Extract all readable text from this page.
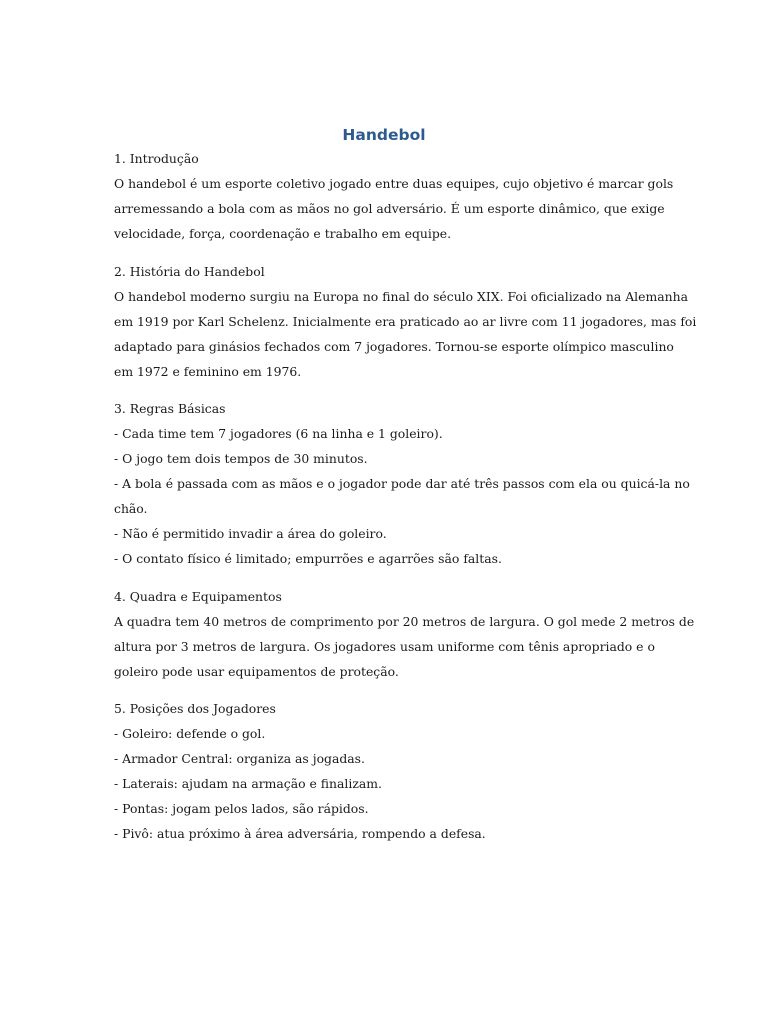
Handebol
1. Introdução
O handebol é um esporte coletivo jogado entre duas equipes, cujo objetivo é marcar gols
arremessando a bola com as mãos no gol adversário. É um esporte dinâmico, que exige
velocidade, força, coordenação e trabalho em equipe.
2. História do Handebol
O handebol moderno surgiu na Europa no final do século XIX. Foi oficializado na Alemanha
em 1919 por Karl Schelenz. Inicialmente era praticado ao ar livre com 11 jogadores, mas foi
adaptado para ginásios fechados com 7 jogadores. Tornou-se esporte olímpico masculino
em 1972 e feminino em 1976.
3. Regras Básicas
- Cada time tem 7 jogadores (6 na linha e 1 goleiro).
- O jogo tem dois tempos de 30 minutos.
- A bola é passada com as mãos e o jogador pode dar até três passos com ela ou quicá-la no
chão.
- Não é permitido invadir a área do goleiro.
- O contato físico é limitado; empurrões e agarrões são faltas.
4. Quadra e Equipamentos
A quadra tem 40 metros de comprimento por 20 metros de largura. O gol mede 2 metros de
altura por 3 metros de largura. Os jogadores usam uniforme com tênis apropriado e o
goleiro pode usar equipamentos de proteção.
5. Posições dos Jogadores
- Goleiro: defende o gol.
- Armador Central: organiza as jogadas.
- Laterais: ajudam na armação e finalizam.
- Pontas: jogam pelos lados, são rápidos.
- Pivô: atua próximo à área adversária, rompendo a defesa.
